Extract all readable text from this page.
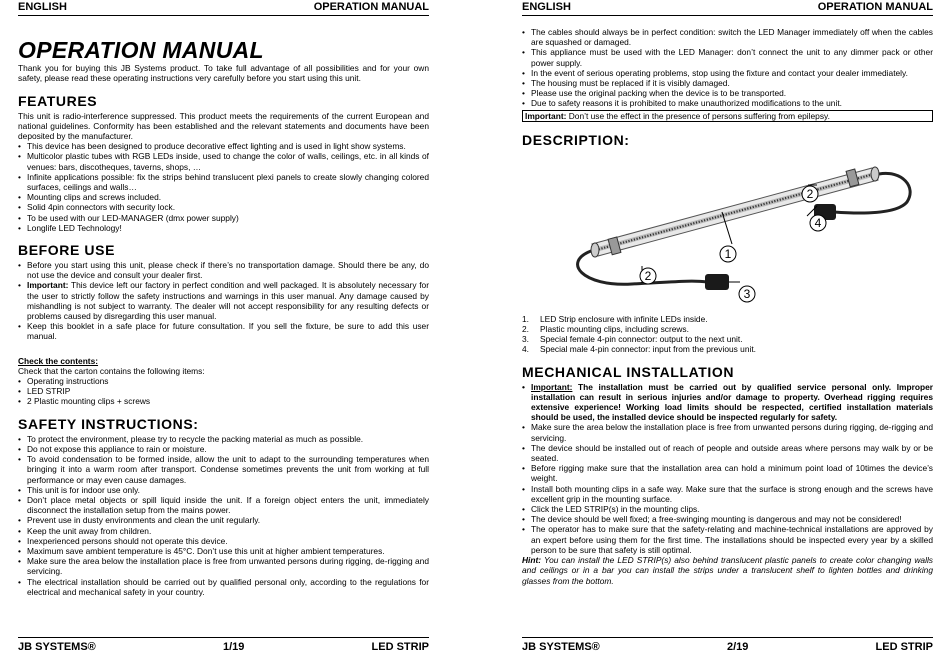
ENGLISH	OPERATION MANUAL
OPERATION MANUAL

Thank you for buying this JB Systems product. To take full advantage of all possibilities and for your own safety, please read these operating instructions very carefully before you start using this unit.

FEATURES

This unit is radio-interference suppressed. This product meets the requirements of the current European and national guidelines. Conformity has been established and the relevant statements and documents have been deposited by the manufacturer.

• This device has been designed to produce decorative effect lighting and is used in light show systems.
• Multicolor plastic tubes with RGB LEDs inside, used to change the color of walls, ceilings, etc. in all kinds of venues: bars, discotheques, taverns, shops, …
• Infinite applications possible: fix the strips behind translucent plexi panels to create slowly changing colored surfaces, ceilings and walls…
• Mounting clips and screws included.
• Solid 4pin connectors with security lock.
• To be used with our LED-MANAGER (dmx power supply)
• Longlife LED Technology!
BEFORE USE
• Before you start using this unit, please check if there’s no transportation damage. Should there be any, do not use the device and consult your dealer first.
• Important: This device left our factory in perfect condition and well packaged. It is absolutely necessary for the user to strictly follow the safety instructions and warnings in this user manual. Any damage caused by mishandling is not subject to warranty. The dealer will not accept responsibility for any resulting defects or problems caused by disregarding this user manual.
• Keep this booklet in a safe place for future consultation. If you sell the fixture, be sure to add this user manual.

Check the contents:

Check that the carton contains the following items:

• Operating instructions
• LED STRIP
• 2 Plastic mounting clips + screws
SAFETY INSTRUCTIONS:
• To protect the environment, please try to recycle the packing material as much as possible.
• Do not expose this appliance to rain or moisture.
• To avoid condensation to be formed inside, allow the unit to adapt to the surrounding temperatures when bringing it into a warm room after transport. Condense sometimes prevents the unit from working at full performance or may even cause damages.
• This unit is for indoor use only.
• Don’t place metal objects or spill liquid inside the unit. If a foreign object enters the unit, immediately disconnect the installation setup from the mains power.
• Prevent use in dusty environments and clean the unit regularly.
• Keep the unit away from children.
• Inexperienced persons should not operate this device.
• Maximum save ambient temperature is 45°C. Don’t use this unit at higher ambient temperatures.
• Make sure the area below the installation place is free from unwanted persons during rigging, de-rigging and servicing.
• The electrical installation should be carried out by qualified personal only, according to the regulations for electrical and mechanical safety in your country.
JB SYSTEMS®	1/19	LED STRIP
ENGLISH	OPERATION MANUAL
• The cables should always be in perfect condition: switch the LED Manager immediately off when the cables are squashed or damaged.
• This appliance must be used with the LED Manager: don’t connect the unit to any dimmer pack or other power supply.
• In the event of serious operating problems, stop using the fixture and contact your dealer immediately.
• The housing must be replaced if it is visibly damaged.
• Please use the original packing when the device is to be transported.
• Due to safety reasons it is prohibited to make unauthorized modifications to the unit.
Important: Don’t use the effect in the presence of persons suffering from epilepsy.
DESCRIPTION:
1
2
2
3
4
1. LED Strip enclosure with infinite LEDs inside.
2. Plastic mounting clips, including screws.
3. Special female 4-pin connector: output to the next unit.
4. Special male 4-pin connector: input from the previous unit.
MECHANICAL INSTALLATION
• Important: The installation must be carried out by qualified service personal only. Improper installation can result in serious injuries and/or damage to property. Overhead rigging requires extensive experience! Working load limits should be respected, certified installation materials should be used, the installed device should be inspected regularly for safety.
• Make sure the area below the installation place is free from unwanted persons during rigging, de-rigging and servicing.
• The device should be installed out of reach of people and outside areas where persons may walk by or be seated.
• Before rigging make sure that the installation area can hold a minimum point load of 10times the device’s weight.
• Install both mounting clips in a safe way. Make sure that the surface is strong enough and the screws have excellent grip in the mounting surface.
• Click the LED STRIP(s) in the mounting clips.
• The device should be well fixed; a free-swinging mounting is dangerous and may not be considered!
• The operator has to make sure that the safety-relating and machine-technical installations are approved by an expert before using them for the first time. The installations should be inspected every year by a skilled person to be sure that safety is still optimal.

Hint: You can install the LED STRIP(s) also behind translucent plastic panels to create color changing walls and ceilings or in a bar you can install the strips under a translucent shelf to lighten bottles and drinking glasses from the bottom.

JB SYSTEMS®	2/19	LED STRIP
